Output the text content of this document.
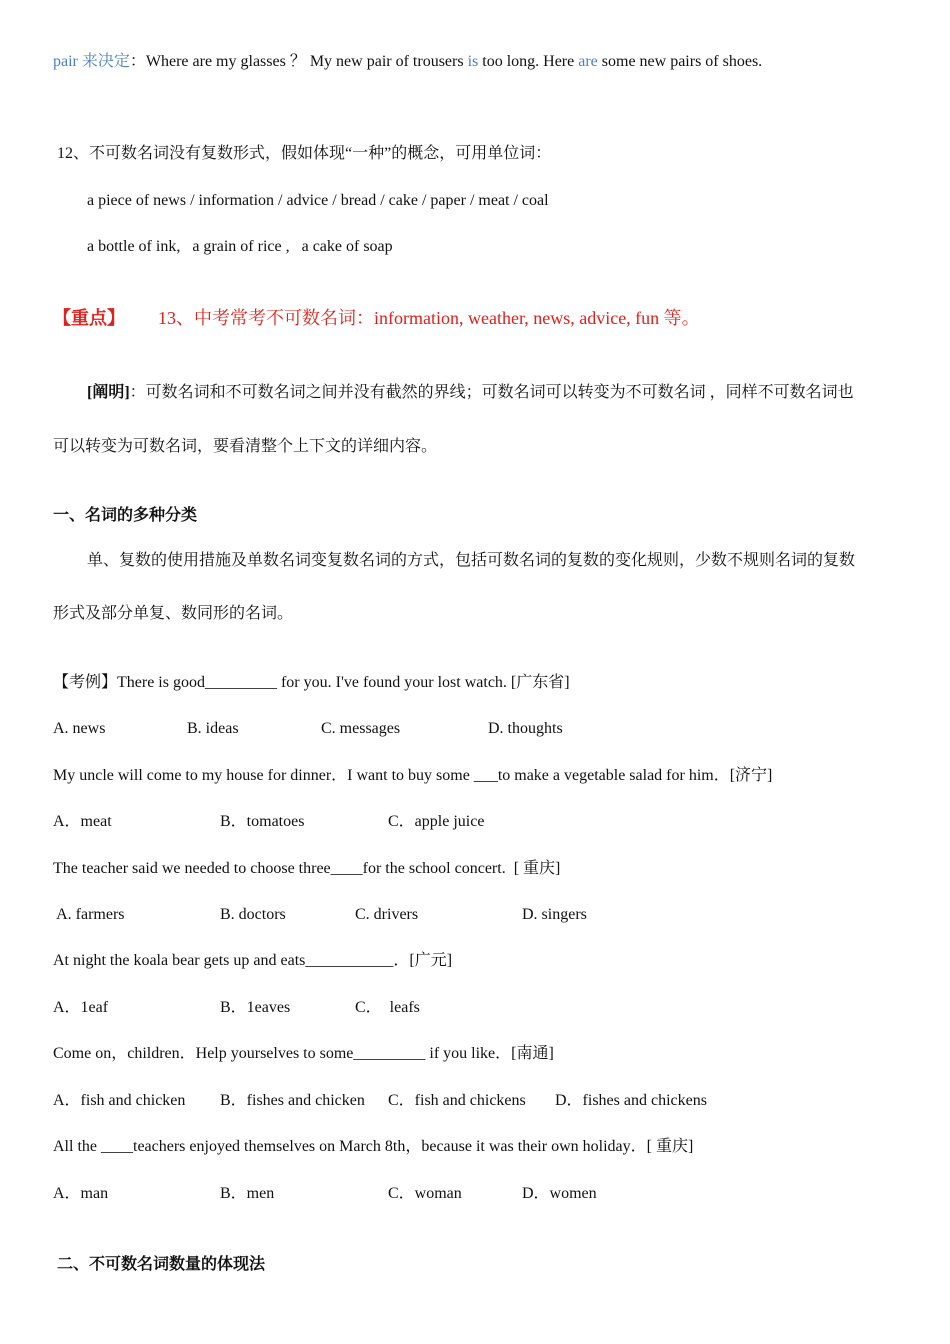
pair 来决定：Where are my glasses ？ My new pair of trousers is too long. Here are some new pairs of shoes.
12、不可数名词没有复数形式，假如体现“一种”的概念，可用单位词：
a piece of news / information / advice / bread / cake / paper / meat / coal
a bottle of ink,   a grain of rice ,   a cake of soap
【重点】 13、中考常考不可数名词：information, weather, news, advice, fun 等。
[阐明]：可数名词和不可数名词之间并没有截然的界线；可数名词可以转变为不可数名词 ，同样不可数名词也
可以转变为可数名词，要看清整个上下文的详细内容。
一、名词的多种分类
单、复数的使用措施及单数名词变复数名词的方式，包括可数名词的复数的变化规则，少数不规则名词的复数
形式及部分单复、数同形的名词。
【考例】There is good_________ for you. I've found your lost watch. [广东省]
A. news	B. ideas	C. messages	D. thoughts
My uncle will come to my house for dinner．I want to buy some ___to make a vegetable salad for him．[济宁]
A．meat	B．tomatoes	C．apple juice
The teacher said we needed to choose three____for the school concert.  [ 重庆]
A. farmers	B. doctors	C. drivers	D. singers
At night the koala bear gets up and eats___________．[广元]
A．1eaf	B．1eaves	C．  leafs
Come on，children．Help yourselves to some_________ if you like．[南通]
A．fish and chicken B．fishes and chicken C．fish and chickens D．fishes and chickens
All the ____teachers enjoyed themselves on March 8th，because it was their own holiday．[ 重庆]
A．man	B．men	C．woman	D．women
二、不可数名词数量的体现法
